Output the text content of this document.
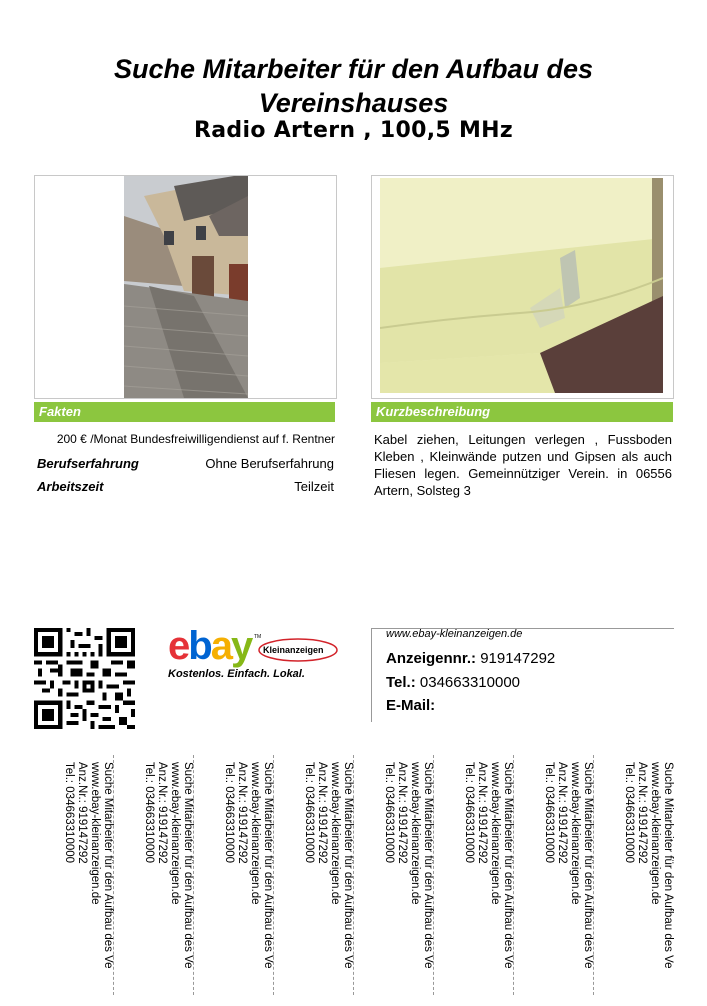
Suche Mitarbeiter für den Aufbau des Vereinshauses
Radio Artern , 100,5 MHz
Fakten	Kurzbeschreibung
200 € /Monat Bundesfreiwilligendienst auf f. Rentner
Berufserfahrung	Ohne Berufserfahrung
Arbeitszeit	Teilzeit
Kabel ziehen, Leitungen verlegen , Fussboden Kleben , Kleinwände putzen und Gipsen als auch Fliesen legen. Gemeinnütziger Verein. in 06556 Artern, Solsteg 3
ebay TM
Kleinanzeigen
Kostenlos. Einfach. Lokal.
www.ebay-kleinanzeigen.de
Anzeigennr.: 919147292
Tel.: 034663310000
E-Mail:
Suche Mitarbeiter für den Aufbau des Ve
www.ebay-kleinanzeigen.de
Anz.Nr.: 919147292
Tel.: 034663310000	Suche Mitarbeiter für den Aufbau des Ve
www.ebay-kleinanzeigen.de
Anz.Nr.: 919147292
Tel.: 034663310000	Suche Mitarbeiter für den Aufbau des Ve
www.ebay-kleinanzeigen.de
Anz.Nr.: 919147292
Tel.: 034663310000	Suche Mitarbeiter für den Aufbau des Ve
www.ebay-kleinanzeigen.de
Anz.Nr.: 919147292
Tel.: 034663310000	Suche Mitarbeiter für den Aufbau des Ve
www.ebay-kleinanzeigen.de
Anz.Nr.: 919147292
Tel.: 034663310000	Suche Mitarbeiter für den Aufbau des Ve
www.ebay-kleinanzeigen.de
Anz.Nr.: 919147292
Tel.: 034663310000	Suche Mitarbeiter für den Aufbau des Ve
www.ebay-kleinanzeigen.de
Anz.Nr.: 919147292
Tel.: 034663310000	Suche Mitarbeiter für den Aufbau des Ve
www.ebay-kleinanzeigen.de
Anz.Nr.: 919147292
Tel.: 034663310000
